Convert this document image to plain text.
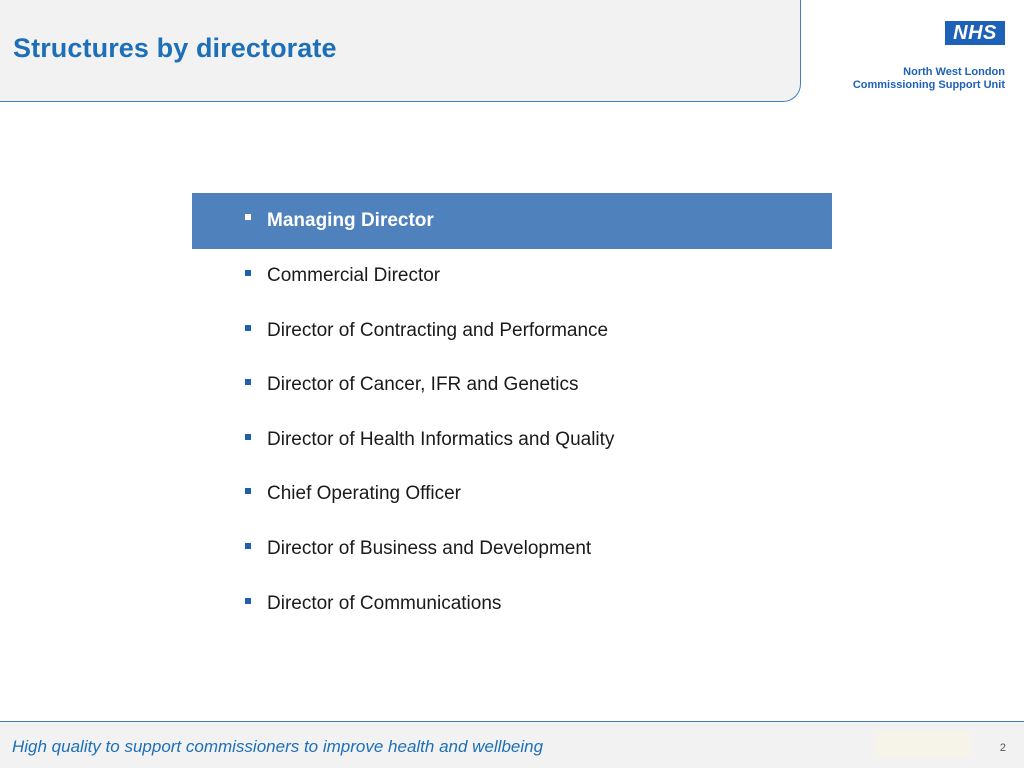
Structures by directorate	NHS
North West London
Commissioning Support Unit
Managing Director
Commercial Director
Director of Contracting and Performance
Director of Cancer, IFR and Genetics
Director of Health Informatics and Quality
Chief Operating Officer
Director of Business and Development
Director of Communications
High quality to support commissioners to improve health and wellbeing	2
